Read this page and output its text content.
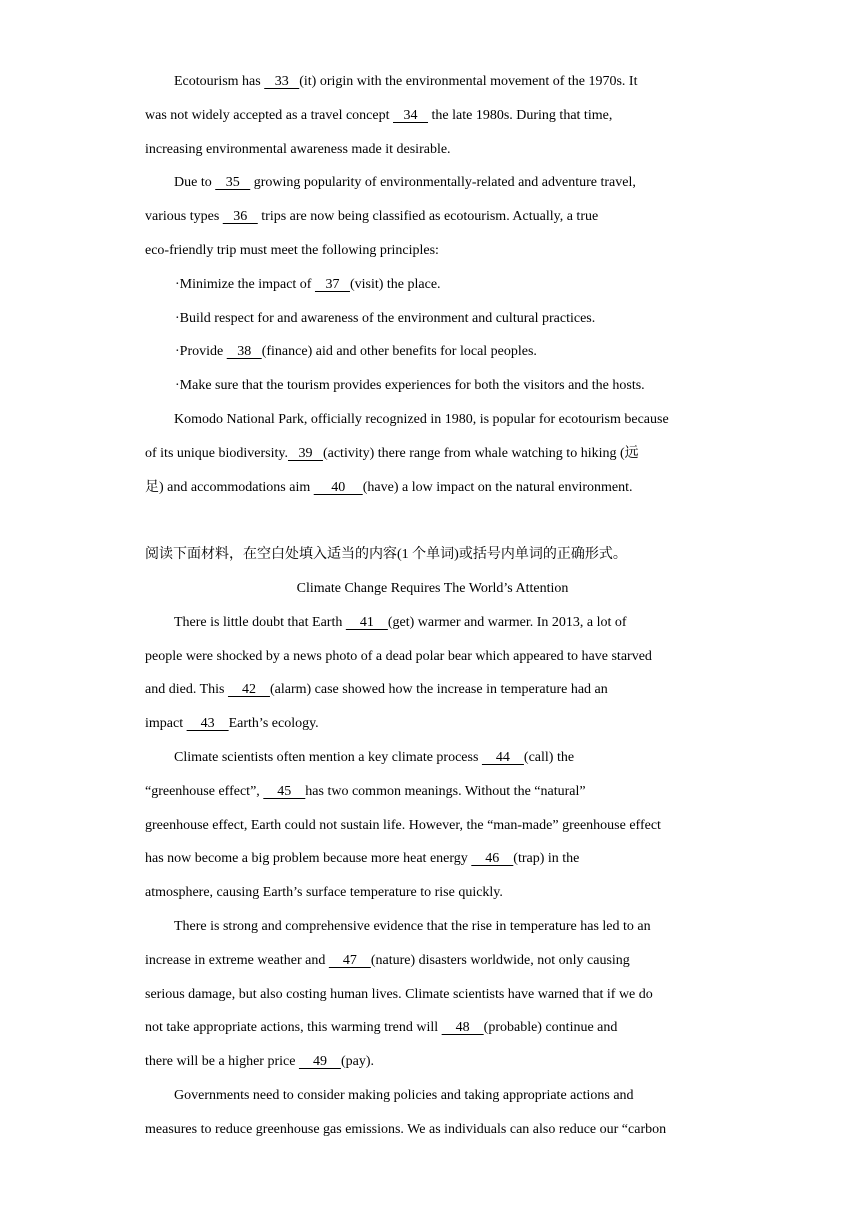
Ecotourism has    33   (it) origin with the environmental movement of the 1970s. It
was not widely accepted as a travel concept    34    the late 1980s. During that time,
increasing environmental awareness made it desirable.
Due to    35    growing popularity of environmentally-related and adventure travel,
various types    36    trips are now being classified as ecotourism. Actually, a true
eco-friendly trip must meet the following principles:
·Minimize the impact of    37   (visit) the place.
·Build respect for and awareness of the environment and cultural practices.
·Provide    38   (finance) aid and other benefits for local peoples.
·Make sure that the tourism provides experiences for both the visitors and the hosts.
Komodo National Park, officially recognized in 1980, is popular for ecotourism because
of its unique biodiversity.   39   (activity) there range from whale watching to hiking (远
足) and accommodations aim      40     (have) a low impact on the natural environment.
阅读下面材料，在空白处填入适当的内容(1 个单词)或括号内单词的正确形式。
Climate Change Requires The World’s Attention
There is little doubt that Earth     41    (get) warmer and warmer. In 2013, a lot of
people were shocked by a news photo of a dead polar bear which appeared to have starved
and died. This     42    (alarm) case showed how the increase in temperature had an
impact     43    Earth’s ecology.
Climate scientists often mention a key climate process     44    (call) the
“greenhouse effect”,     45    has two common meanings. Without the “natural”
greenhouse effect, Earth could not sustain life. However, the “man-made” greenhouse effect
has now become a big problem because more heat energy     46    (trap) in the
atmosphere, causing Earth’s surface temperature to rise quickly.
There is strong and comprehensive evidence that the rise in temperature has led to an
increase in extreme weather and     47    (nature) disasters worldwide, not only causing
serious damage, but also costing human lives. Climate scientists have warned that if we do
not take appropriate actions, this warming trend will     48    (probable) continue and
there will be a higher price     49    (pay).
Governments need to consider making policies and taking appropriate actions and
measures to reduce greenhouse gas emissions. We as individuals can also reduce our “carbon
